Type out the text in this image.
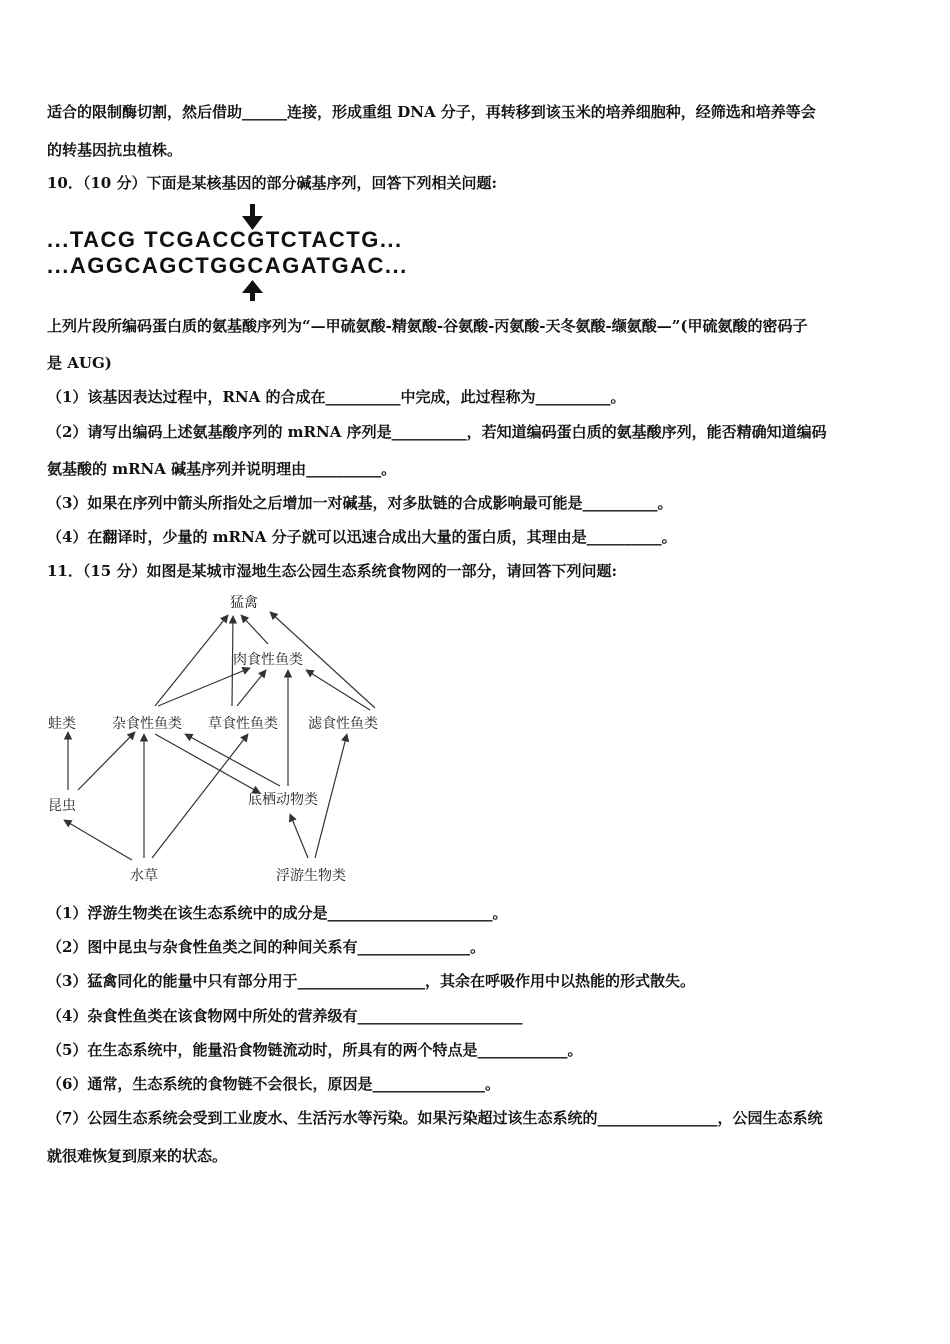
适合的限制酶切割，然后借助______连接，形成重组 DNA 分子，再转移到该玉米的培养细胞种，经筛选和培养等会
的转基因抗虫植株。
10．（10 分）下面是某核基因的部分碱基序列，回答下列相关问题:
...TACG TCGACCGTCTACTG...
...AGGCAGCTGGCAGATGAC...
上列片段所编码蛋白质的氨基酸序列为“—甲硫氨酸-精氨酸-谷氨酸-丙氨酸-天冬氨酸-缬氨酸—”(甲硫氨酸的密码子
是 AUG)
（1）该基因表达过程中，RNA 的合成在__________中完成，此过程称为__________。
（2）请写出编码上述氨基酸序列的 mRNA 序列是__________，若知道编码蛋白质的氨基酸序列，能否精确知道编码
氨基酸的 mRNA 碱基序列并说明理由__________。
（3）如果在序列中箭头所指处之后增加一对碱基，对多肽链的合成影响最可能是__________。
（4）在翻译时，少量的 mRNA 分子就可以迅速合成出大量的蛋白质，其理由是__________。
11．（15 分）如图是某城市湿地生态公园生态系统食物网的一部分，请回答下列问题:
猛禽
肉食性鱼类
蛙类	杂食性鱼类 草食性鱼类 滤食性鱼类
底栖动物类
昆虫
水草	浮游生物类
（1）浮游生物类在该生态系统中的成分是______________________。
（2）图中昆虫与杂食性鱼类之间的种间关系有_______________。
（3）猛禽同化的能量中只有部分用于_________________，其余在呼吸作用中以热能的形式散失。
（4）杂食性鱼类在该食物网中所处的营养级有______________________
（5）在生态系统中，能量沿食物链流动时，所具有的两个特点是____________。
（6）通常，生态系统的食物链不会很长，原因是_______________。
（7）公园生态系统会受到工业废水、生活污水等污染。如果污染超过该生态系统的________________，公园生态系统
就很难恢复到原来的状态。
